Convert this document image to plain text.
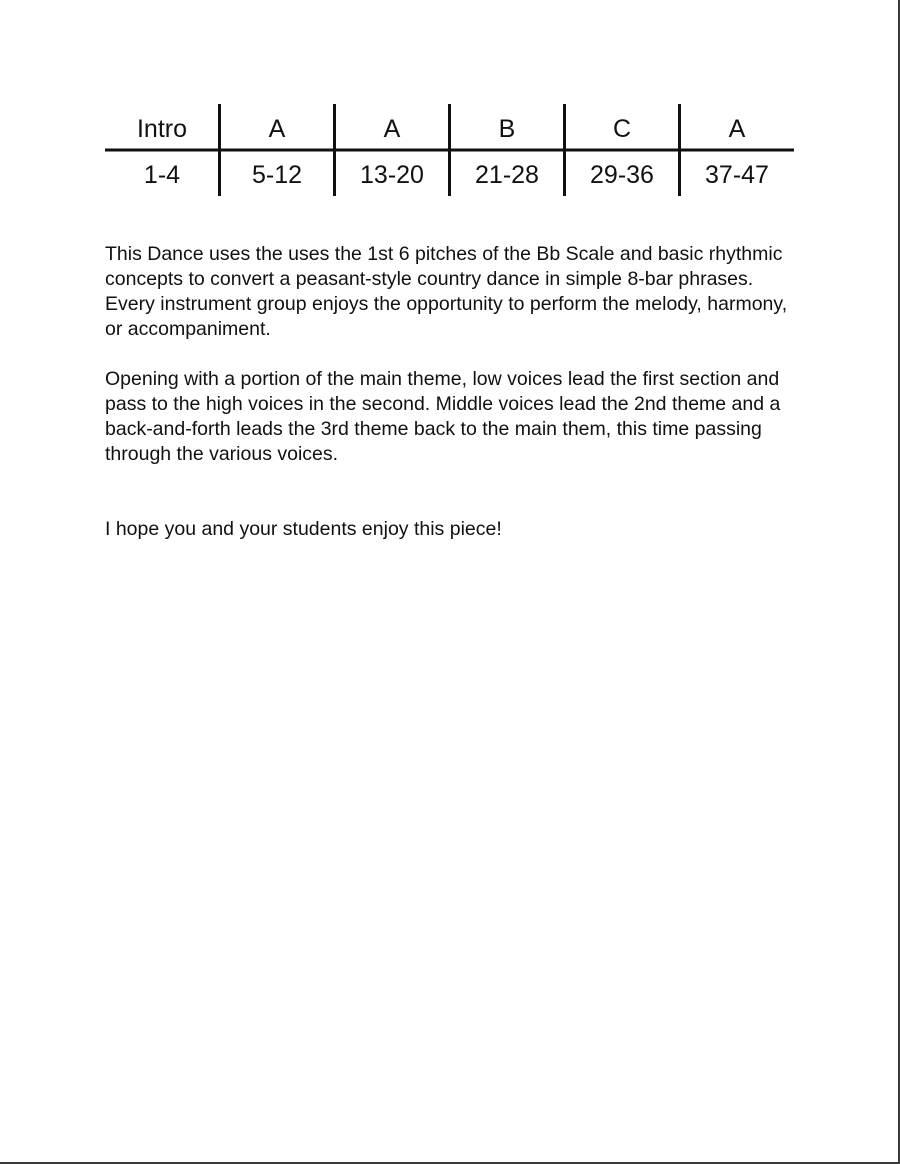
Intro	A	A	B	C	A
1-4	5-12	13-20	21-28	29-36	37-47

This Dance uses the uses the 1st 6 pitches of the Bb Scale and basic rhythmic concepts to convert a peasant-style country dance in simple 8-bar phrases. Every instrument group enjoys the opportunity to perform the melody, harmony, or accompaniment.

Opening with a portion of the main theme, low voices lead the first section and pass to the high voices in the second. Middle voices lead the 2nd theme and a back-and-forth leads the 3rd theme back to the main them, this time passing through the various voices.

I hope you and your students enjoy this piece!
